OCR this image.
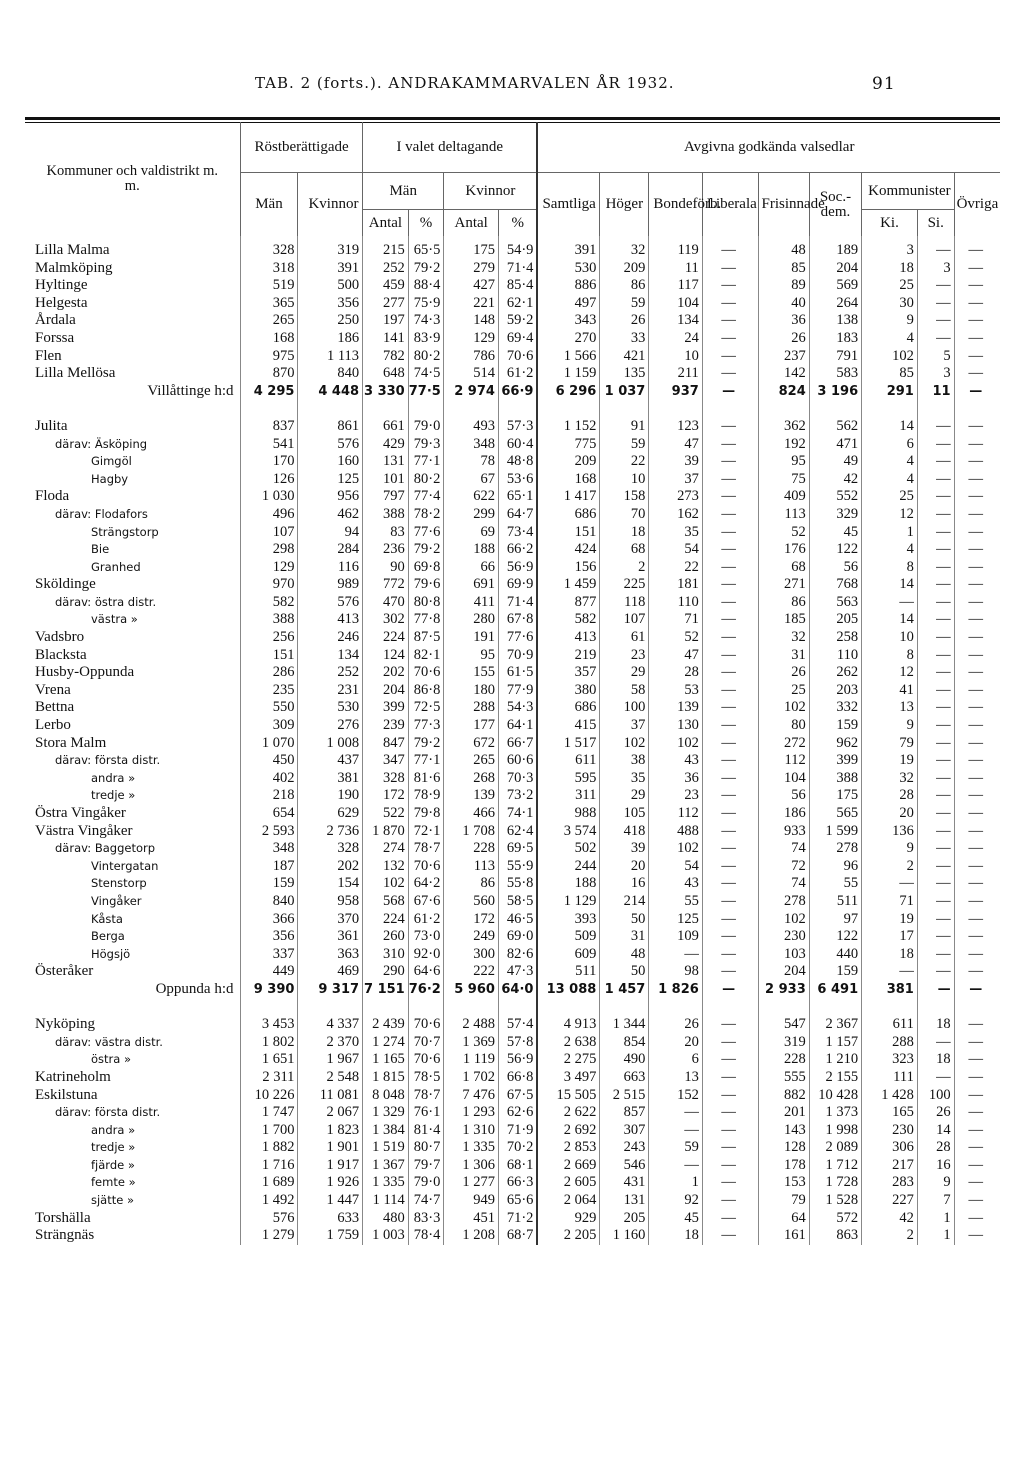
TAB. 2 (forts.). ANDRAKAMMARVALEN ÅR 1932.	91
Kommuner och valdistrikt m. m.	Röstberättigade		I valet deltagande				Avgivna godkända valsedlar								
	Män	Kvinnor	Män		Kvinnor		Samtliga	Höger	Bondeförb.	Liberala	Frisinnade	Soc.-dem.	Kommunister		Övriga
			Antal	%	Antal	%							Ki.	Si.	
Lilla Malma	328	319	215	65·5	175	54·9	391	32	119	—	48	189	3	—	—
Malmköping	318	391	252	79·2	279	71·4	530	209	11	—	85	204	18	3	—
Hyltinge	519	500	459	88·4	427	85·4	886	86	117	—	89	569	25	—	—
Helgesta	365	356	277	75·9	221	62·1	497	59	104	—	40	264	30	—	—
Årdala	265	250	197	74·3	148	59·2	343	26	134	—	36	138	9	—	—
Forssa	168	186	141	83·9	129	69·4	270	33	24	—	26	183	4	—	—
Flen	975	1 113	782	80·2	786	70·6	1 566	421	10	—	237	791	102	5	—
Lilla Mellösa	870	840	648	74·5	514	61·2	1 159	135	211	—	142	583	85	3	—
Villåttinge h:d	4 295	4 448	3 330	77·5	2 974	66·9	6 296	1 037	937	—	824	3 196	291	11	—

Julita	837	861	661	79·0	493	57·3	1 152	91	123	—	362	562	14	—	—
därav: Äsköping	541	576	429	79·3	348	60·4	775	59	47	—	192	471	6	—	—
Gimgöl	170	160	131	77·1	78	48·8	209	22	39	—	95	49	4	—	—
Hagby	126	125	101	80·2	67	53·6	168	10	37	—	75	42	4	—	—
Floda	1 030	956	797	77·4	622	65·1	1 417	158	273	—	409	552	25	—	—
därav: Flodafors	496	462	388	78·2	299	64·7	686	70	162	—	113	329	12	—	—
Strängstorp	107	94	83	77·6	69	73·4	151	18	35	—	52	45	1	—	—
Bie	298	284	236	79·2	188	66·2	424	68	54	—	176	122	4	—	—
Granhed	129	116	90	69·8	66	56·9	156	2	22	—	68	56	8	—	—
Sköldinge	970	989	772	79·6	691	69·9	1 459	225	181	—	271	768	14	—	—
därav: östra distr.	582	576	470	80·8	411	71·4	877	118	110	—	86	563	—	—	—
västra »	388	413	302	77·8	280	67·8	582	107	71	—	185	205	14	—	—
Vadsbro	256	246	224	87·5	191	77·6	413	61	52	—	32	258	10	—	—
Blacksta	151	134	124	82·1	95	70·9	219	23	47	—	31	110	8	—	—
Husby-Oppunda	286	252	202	70·6	155	61·5	357	29	28	—	26	262	12	—	—
Vrena	235	231	204	86·8	180	77·9	380	58	53	—	25	203	41	—	—
Bettna	550	530	399	72·5	288	54·3	686	100	139	—	102	332	13	—	—
Lerbo	309	276	239	77·3	177	64·1	415	37	130	—	80	159	9	—	—
Stora Malm	1 070	1 008	847	79·2	672	66·7	1 517	102	102	—	272	962	79	—	—
därav: första distr.	450	437	347	77·1	265	60·6	611	38	43	—	112	399	19	—	—
andra »	402	381	328	81·6	268	70·3	595	35	36	—	104	388	32	—	—
tredje »	218	190	172	78·9	139	73·2	311	29	23	—	56	175	28	—	—
Östra Vingåker	654	629	522	79·8	466	74·1	988	105	112	—	186	565	20	—	—
Västra Vingåker	2 593	2 736	1 870	72·1	1 708	62·4	3 574	418	488	—	933	1 599	136	—	—
därav: Baggetorp	348	328	274	78·7	228	69·5	502	39	102	—	74	278	9	—	—
Vintergatan	187	202	132	70·6	113	55·9	244	20	54	—	72	96	2	—	—
Stenstorp	159	154	102	64·2	86	55·8	188	16	43	—	74	55	—	—	—
Vingåker	840	958	568	67·6	560	58·5	1 129	214	55	—	278	511	71	—	—
Kåsta	366	370	224	61·2	172	46·5	393	50	125	—	102	97	19	—	—
Berga	356	361	260	73·0	249	69·0	509	31	109	—	230	122	17	—	—
Högsjö	337	363	310	92·0	300	82·6	609	48	—	—	103	440	18	—	—
Österåker	449	469	290	64·6	222	47·3	511	50	98	—	204	159	—	—	—
Oppunda h:d	9 390	9 317	7 151	76·2	5 960	64·0	13 088	1 457	1 826	—	2 933	6 491	381	—	—

Nyköping	3 453	4 337	2 439	70·6	2 488	57·4	4 913	1 344	26	—	547	2 367	611	18	—
därav: västra distr.	1 802	2 370	1 274	70·7	1 369	57·8	2 638	854	20	—	319	1 157	288	—	—
östra »	1 651	1 967	1 165	70·6	1 119	56·9	2 275	490	6	—	228	1 210	323	18	—
Katrineholm	2 311	2 548	1 815	78·5	1 702	66·8	3 497	663	13	—	555	2 155	111	—	—
Eskilstuna	10 226	11 081	8 048	78·7	7 476	67·5	15 505	2 515	152	—	882	10 428	1 428	100	—
därav: första distr.	1 747	2 067	1 329	76·1	1 293	62·6	2 622	857	—	—	201	1 373	165	26	—
andra »	1 700	1 823	1 384	81·4	1 310	71·9	2 692	307	—	—	143	1 998	230	14	—
tredje »	1 882	1 901	1 519	80·7	1 335	70·2	2 853	243	59	—	128	2 089	306	28	—
fjärde »	1 716	1 917	1 367	79·7	1 306	68·1	2 669	546	—	—	178	1 712	217	16	—
femte »	1 689	1 926	1 335	79·0	1 277	66·3	2 605	431	1	—	153	1 728	283	9	—
sjätte »	1 492	1 447	1 114	74·7	949	65·6	2 064	131	92	—	79	1 528	227	7	—
Torshälla	576	633	480	83·3	451	71·2	929	205	45	—	64	572	42	1	—
Strängnäs	1 279	1 759	1 003	78·4	1 208	68·7	2 205	1 160	18	—	161	863	2	1	—
